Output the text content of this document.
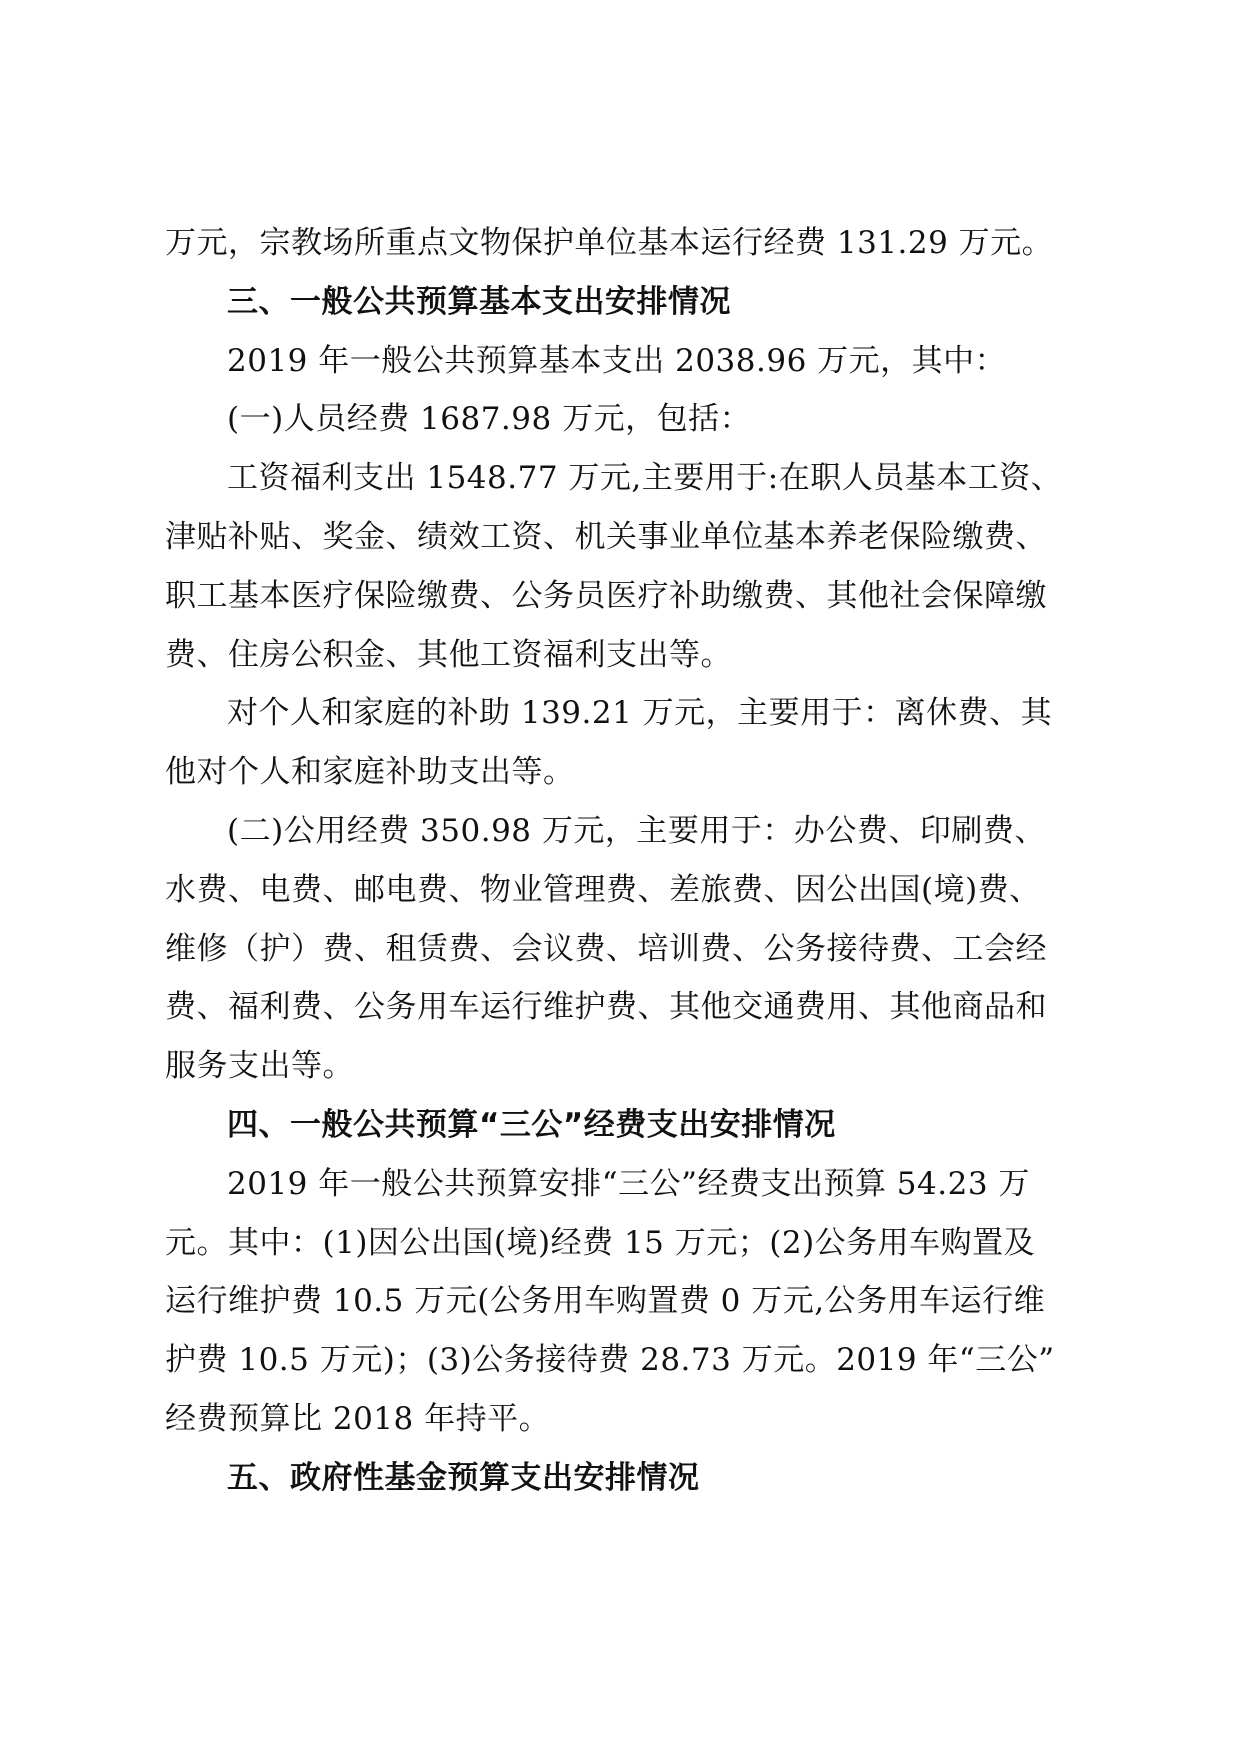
万元，宗教场所重点文物保护单位基本运行经费 131.29 万元。
三、一般公共预算基本支出安排情况
2019 年一般公共预算基本支出 2038.96 万元，其中：
(一)人员经费 1687.98 万元，包括：
工资福利支出 1548.77 万元,主要用于:在职人员基本工资、
津贴补贴、奖金、绩效工资、机关事业单位基本养老保险缴费、
职工基本医疗保险缴费、公务员医疗补助缴费、其他社会保障缴
费、住房公积金、其他工资福利支出等。
对个人和家庭的补助 139.21 万元，主要用于：离休费、其
他对个人和家庭补助支出等。
(二)公用经费 350.98 万元，主要用于：办公费、印刷费、
水费、电费、邮电费、物业管理费、差旅费、因公出国(境)费、
维修（护）费、租赁费、会议费、培训费、公务接待费、工会经
费、福利费、公务用车运行维护费、其他交通费用、其他商品和
服务支出等。
四、一般公共预算“三公”经费支出安排情况
2019 年一般公共预算安排“三公”经费支出预算 54.23 万
元。其中：(1)因公出国(境)经费 15 万元；(2)公务用车购置及
运行维护费 10.5 万元(公务用车购置费 0 万元,公务用车运行维
护费 10.5 万元)；(3)公务接待费 28.73 万元。2019 年“三公”
经费预算比 2018 年持平。
五、政府性基金预算支出安排情况
